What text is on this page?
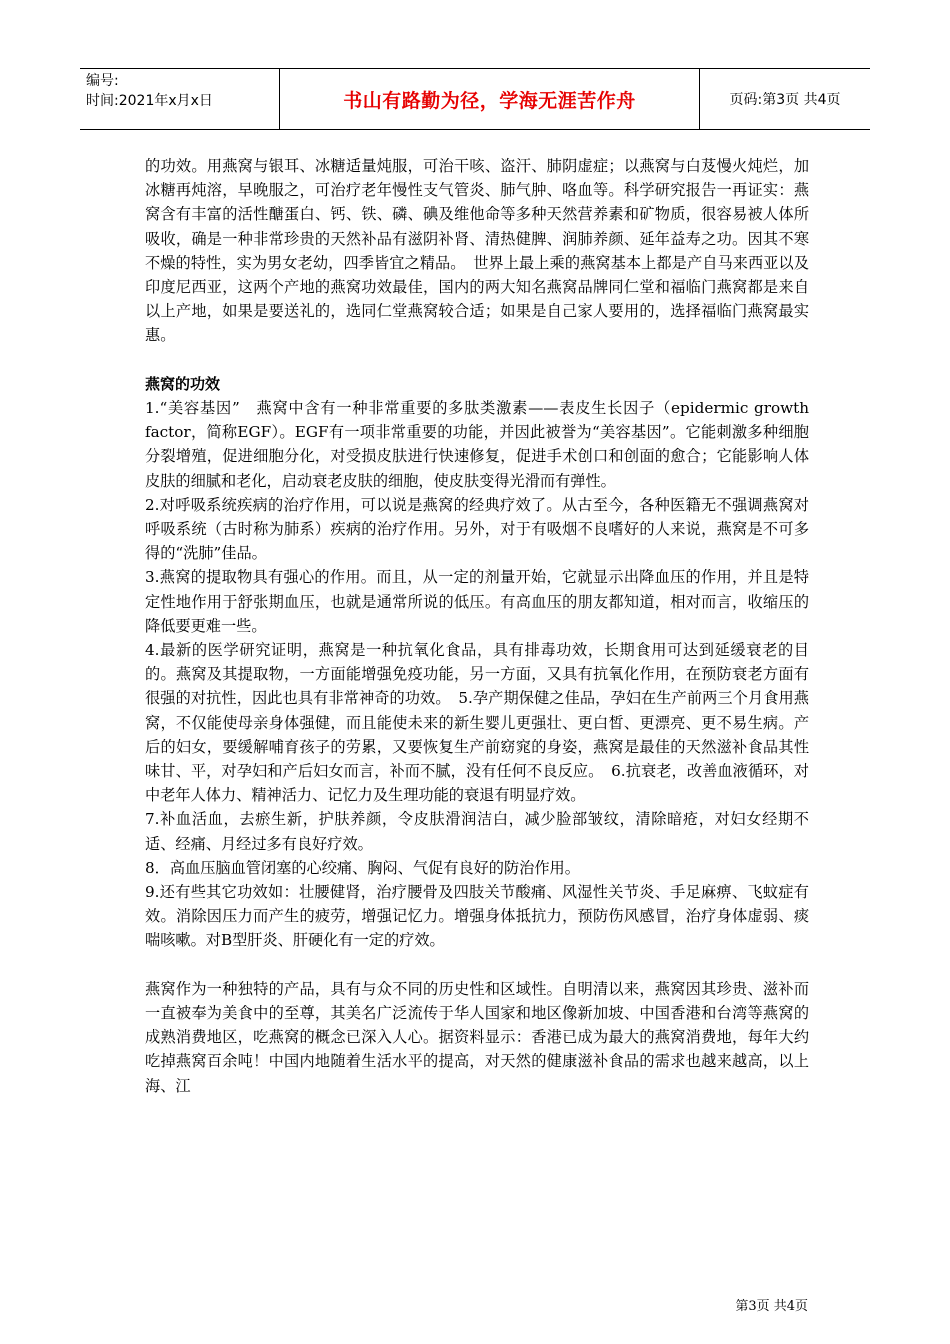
编号:
时间:2021年x月x日	书山有路勤为径，学海无涯苦作舟	页码:第3页 共4页

的功效。用燕窝与银耳、冰糖适量炖服，可治干咳、盗汗、肺阴虚症；以燕窝与白芨慢火炖烂，加冰糖再炖溶，早晚服之，可治疗老年慢性支气管炎、肺气肿、咯血等。科学研究报告一再证实：燕窝含有丰富的活性醣蛋白、钙、铁、磷、碘及维他命等多种天然营养素和矿物质，很容易被人体所吸收，确是一种非常珍贵的天然补品有滋阴补肾、清热健脾、润肺养颜、延年益寿之功。因其不寒不燥的特性，实为男女老幼，四季皆宜之精品。　世界上最上乘的燕窝基本上都是产自马来西亚以及印度尼西亚，这两个产地的燕窝功效最佳，国内的两大知名燕窝品牌同仁堂和福临门燕窝都是来自以上产地，如果是要送礼的，选同仁堂燕窝较合适；如果是自己家人要用的，选择福临门燕窝最实惠。

燕窝的功效

1.“美容基因”　燕窝中含有一种非常重要的多肽类激素——表皮生长因子（epidermic growth factor，简称EGF）。EGF有一项非常重要的功能，并因此被誉为“美容基因”。它能刺激多种细胞分裂增殖，促进细胞分化，对受损皮肤进行快速修复，促进手术创口和创面的愈合；它能影响人体皮肤的细腻和老化，启动衰老皮肤的细胞，使皮肤变得光滑而有弹性。

2.对呼吸系统疾病的治疗作用，可以说是燕窝的经典疗效了。从古至今，各种医籍无不强调燕窝对呼吸系统（古时称为肺系）疾病的治疗作用。另外，对于有吸烟不良嗜好的人来说，燕窝是不可多得的“洗肺”佳品。

3.燕窝的提取物具有强心的作用。而且，从一定的剂量开始，它就显示出降血压的作用，并且是特定性地作用于舒张期血压，也就是通常所说的低压。有高血压的朋友都知道，相对而言，收缩压的降低要更难一些。

4.最新的医学研究证明，燕窝是一种抗氧化食品，具有排毒功效，长期食用可达到延缓衰老的目的。燕窝及其提取物，一方面能增强免疫功能，另一方面，又具有抗氧化作用，在预防衰老方面有很强的对抗性，因此也具有非常神奇的功效。　5.孕产期保健之佳品，孕妇在生产前两三个月食用燕窝，不仅能使母亲身体强健，而且能使未来的新生婴儿更强壮、更白皙、更漂亮、更不易生病。产后的妇女，要缓解哺育孩子的劳累，又要恢复生产前窈窕的身姿，燕窝是最佳的天然滋补食品其性味甘、平，对孕妇和产后妇女而言，补而不腻，没有任何不良反应。　6.抗衰老，改善血液循环，对中老年人体力、精神活力、记忆力及生理功能的衰退有明显疗效。

7.补血活血，去瘀生新，护肤养颜，令皮肤滑润洁白，减少脸部皱纹，清除暗疮，对妇女经期不适、经痛、月经过多有良好疗效。

8．高血压脑血管闭塞的心绞痛、胸闷、气促有良好的防治作用。

9.还有些其它功效如：壮腰健肾，治疗腰骨及四肢关节酸痛、风湿性关节炎、手足麻痹、飞蚊症有效。消除因压力而产生的疲劳，增强记忆力。增强身体抵抗力，预防伤风感冒，治疗身体虚弱、痰喘咳嗽。对B型肝炎、肝硬化有一定的疗效。

燕窝作为一种独特的产品，具有与众不同的历史性和区域性。自明清以来，燕窝因其珍贵、滋补而一直被奉为美食中的至尊，其美名广泛流传于华人国家和地区像新加坡、中国香港和台湾等燕窝的成熟消费地区，吃燕窝的概念已深入人心。据资料显示：香港已成为最大的燕窝消费地，每年大约吃掉燕窝百余吨！中国内地随着生活水平的提高，对天然的健康滋补食品的需求也越来越高，以上海、江

第3页 共4页
